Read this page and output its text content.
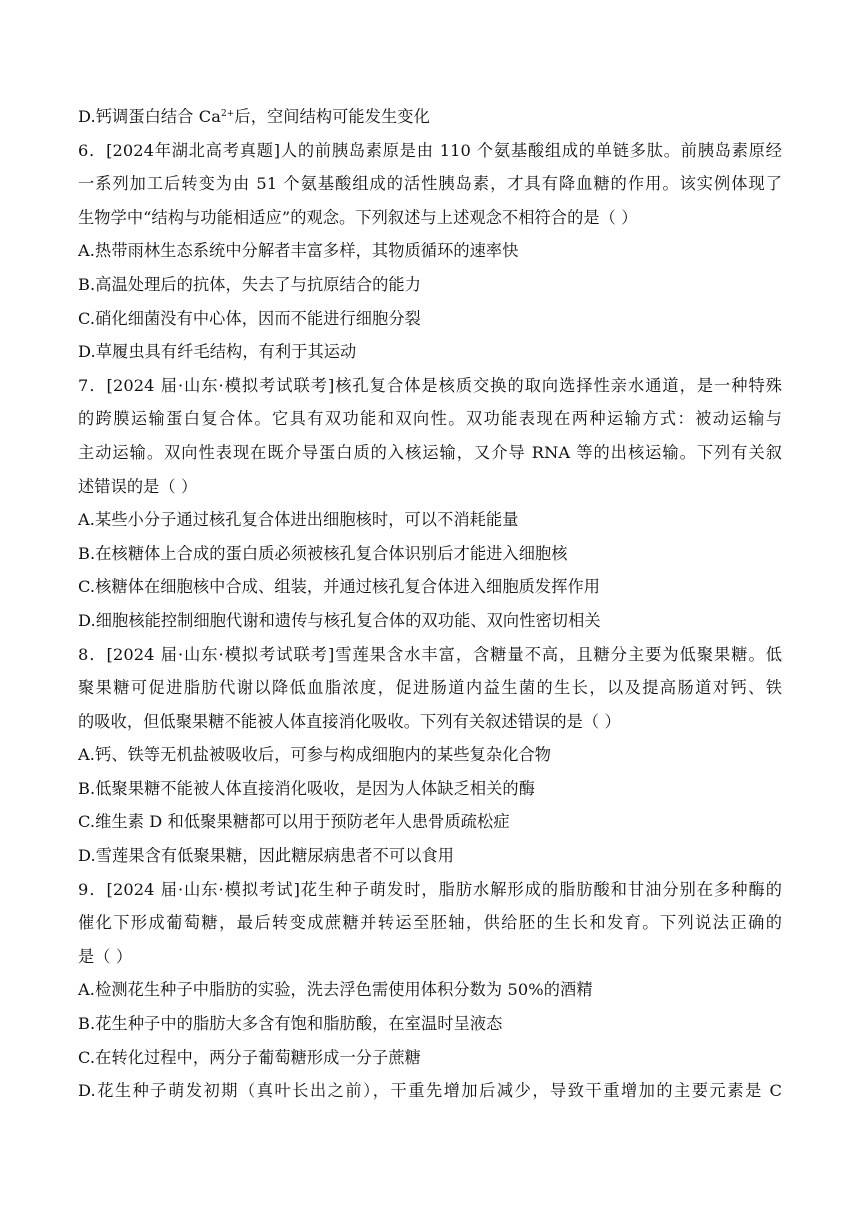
D.钙调蛋白结合 $Ca^{2+}$后，空间结构可能发生变化
6．[2024年湖北高考真题]人的前胰岛素原是由 110 个氨基酸组成的单链多肽。前胰岛素原经
一系列加工后转变为由 51 个氨基酸组成的活性胰岛素，才具有降血糖的作用。该实例体现了
生物学中“结构与功能相适应”的观念。下列叙述与上述观念不相符合的是（ ）
A.热带雨林生态系统中分解者丰富多样，其物质循环的速率快
B.高温处理后的抗体，失去了与抗原结合的能力
C.硝化细菌没有中心体，因而不能进行细胞分裂
D.草履虫具有纤毛结构，有利于其运动
7．[2024 届·山东·模拟考试联考]核孔复合体是核质交换的取向选择性亲水通道，是一种特殊
的跨膜运输蛋白复合体。它具有双功能和双向性。双功能表现在两种运输方式：被动运输与
主动运输。双向性表现在既介导蛋白质的入核运输，又介导 RNA 等的出核运输。下列有关叙
述错误的是（ ）
A.某些小分子通过核孔复合体进出细胞核时，可以不消耗能量
B.在核糖体上合成的蛋白质必须被核孔复合体识别后才能进入细胞核
C.核糖体在细胞核中合成、组装，并通过核孔复合体进入细胞质发挥作用
D.细胞核能控制细胞代谢和遗传与核孔复合体的双功能、双向性密切相关
8．[2024 届·山东·模拟考试联考]雪莲果含水丰富，含糖量不高，且糖分主要为低聚果糖。低
聚果糖可促进脂肪代谢以降低血脂浓度，促进肠道内益生菌的生长，以及提高肠道对钙、铁
的吸收，但低聚果糖不能被人体直接消化吸收。下列有关叙述错误的是（ ）
A.钙、铁等无机盐被吸收后，可参与构成细胞内的某些复杂化合物
B.低聚果糖不能被人体直接消化吸收，是因为人体缺乏相关的酶
C.维生素 D 和低聚果糖都可以用于预防老年人患骨质疏松症
D.雪莲果含有低聚果糖，因此糖尿病患者不可以食用
9．[2024 届·山东·模拟考试]花生种子萌发时，脂肪水解形成的脂肪酸和甘油分别在多种酶的
催化下形成葡萄糖，最后转变成蔗糖并转运至胚轴，供给胚的生长和发育。下列说法正确的
是（ ）
A.检测花生种子中脂肪的实验，洗去浮色需使用体积分数为 50%的酒精
B.花生种子中的脂肪大多含有饱和脂肪酸，在室温时呈液态
C.在转化过程中，两分子葡萄糖形成一分子蔗糖
D.花生种子萌发初期（真叶长出之前），干重先增加后减少，导致干重增加的主要元素是 C
